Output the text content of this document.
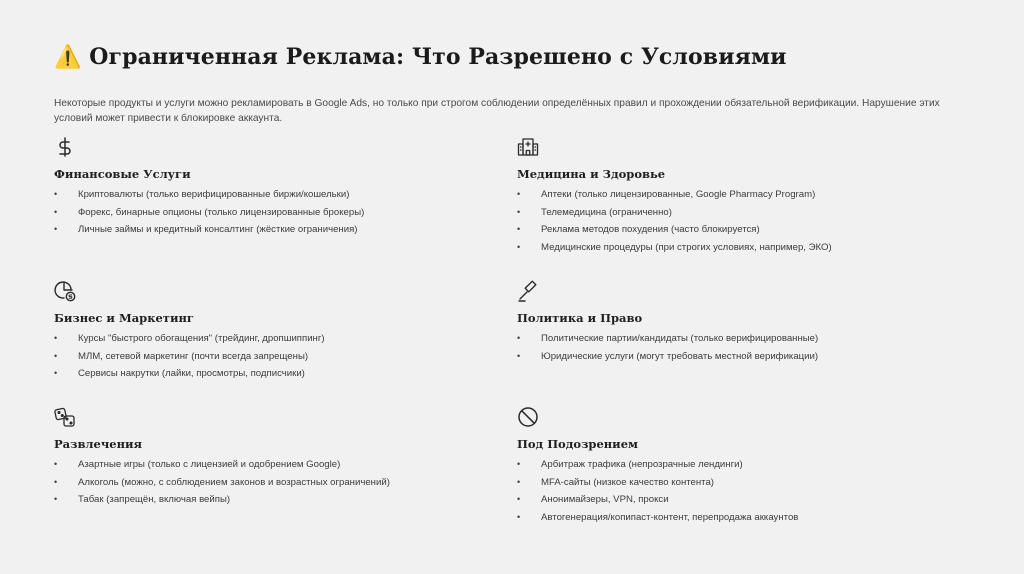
⚠️ Ограниченная Реклама: Что Разрешено с Условиями
Некоторые продукты и услуги можно рекламировать в Google Ads, но только при строгом соблюдении определённых правил и прохождении обязательной верификации. Нарушение этих условий может привести к блокировке аккаунта.
Финансовые Услуги
• Криптовалюты (только верифицированные биржи/кошельки)
• Форекс, бинарные опционы (только лицензированные брокеры)
• Личные займы и кредитный консалтинг (жёсткие ограничения)
Медицина и Здоровье
• Аптеки (только лицензированные, Google Pharmacy Program)
• Телемедицина (ограниченно)
• Реклама методов похудения (часто блокируется)
• Медицинские процедуры (при строгих условиях, например, ЭКО)
Бизнес и Маркетинг
• Курсы "быстрого обогащения" (трейдинг, дропшиппинг)
• МЛМ, сетевой маркетинг (почти всегда запрещены)
• Сервисы накрутки (лайки, просмотры, подписчики)
Политика и Право
• Политические партии/кандидаты (только верифицированные)
• Юридические услуги (могут требовать местной верификации)
Развлечения
• Азартные игры (только с лицензией и одобрением Google)
• Алкоголь (можно, с соблюдением законов и возрастных ограничений)
• Табак (запрещён, включая вейпы)
Под Подозрением
• Арбитраж трафика (непрозрачные лендинги)
• MFA-сайты (низкое качество контента)
• Анонимайзеры, VPN, прокси
• Автогенерация/копипаст-контент, перепродажа аккаунтов
